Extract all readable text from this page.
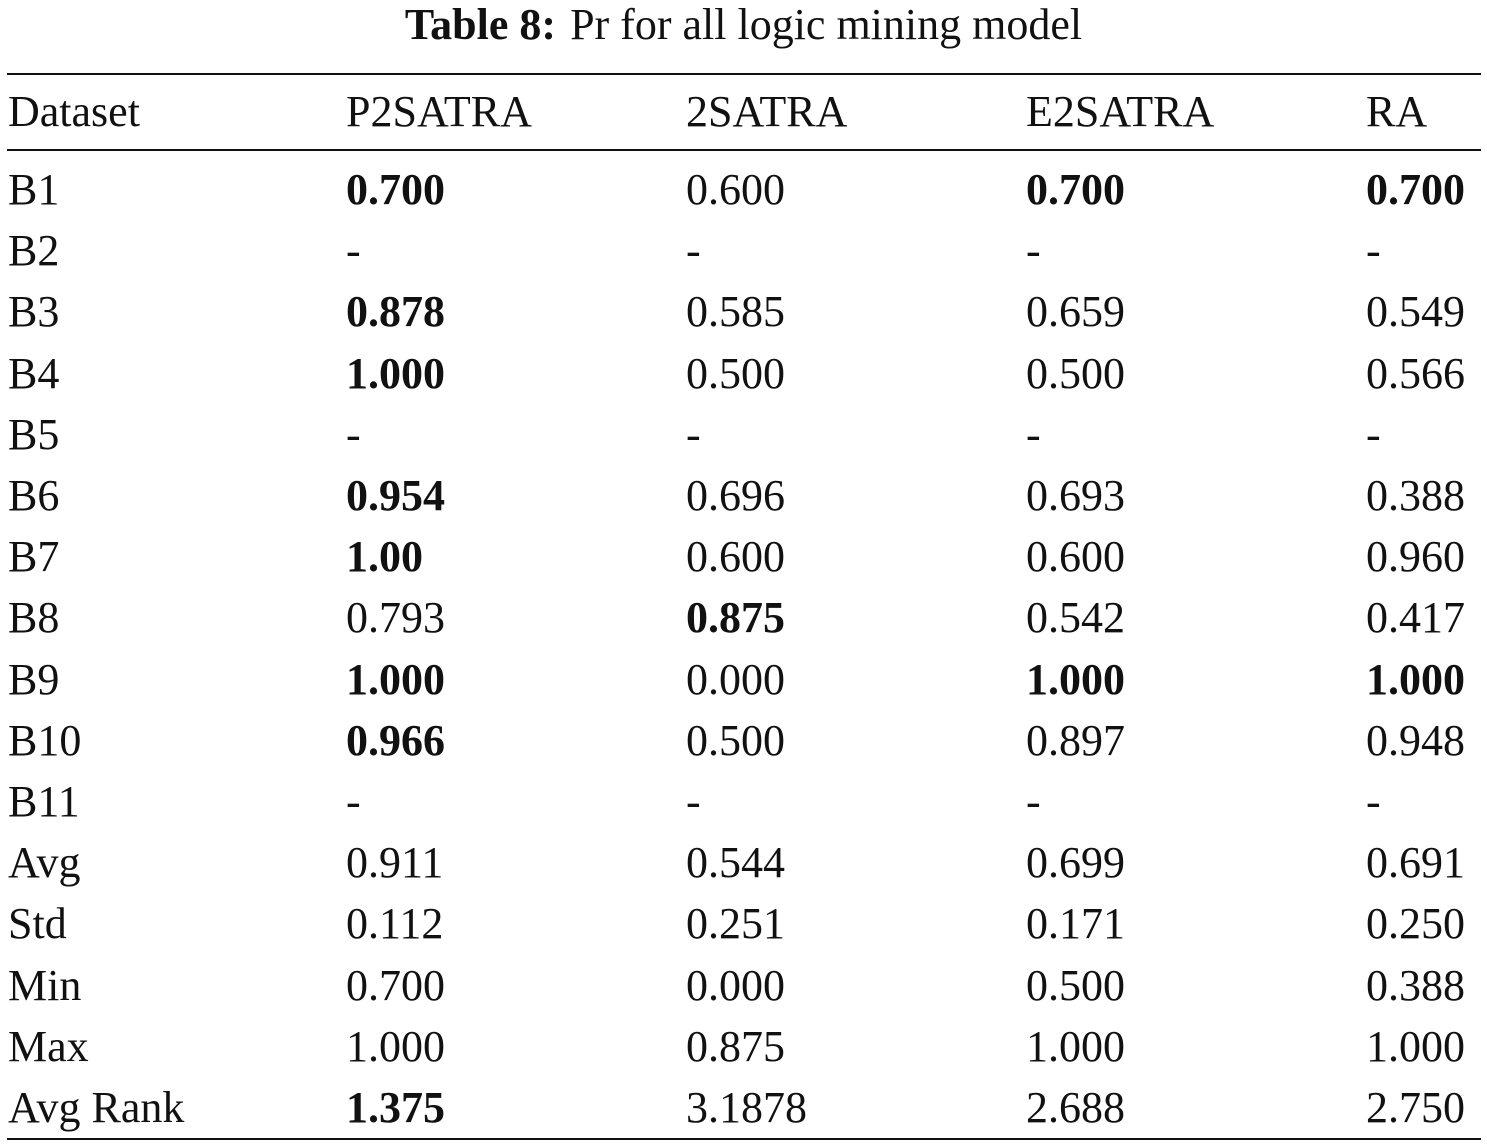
Table 8: Pr for all logic mining model
Dataset	P2SATRA	2SATRA	E2SATRA	RA
B1	0.700	0.600	0.700	0.700
B2	-	-	-	-
B3	0.878	0.585	0.659	0.549
B4	1.000	0.500	0.500	0.566
B5	-	-	-	-
B6	0.954	0.696	0.693	0.388
B7	1.00	0.600	0.600	0.960
B8	0.793	0.875	0.542	0.417
B9	1.000	0.000	1.000	1.000
B10	0.966	0.500	0.897	0.948
B11	-	-	-	-
Avg	0.911	0.544	0.699	0.691
Std	0.112	0.251	0.171	0.250
Min	0.700	0.000	0.500	0.388
Max	1.000	0.875	1.000	1.000
Avg Rank	1.375	3.1878	2.688	2.750
